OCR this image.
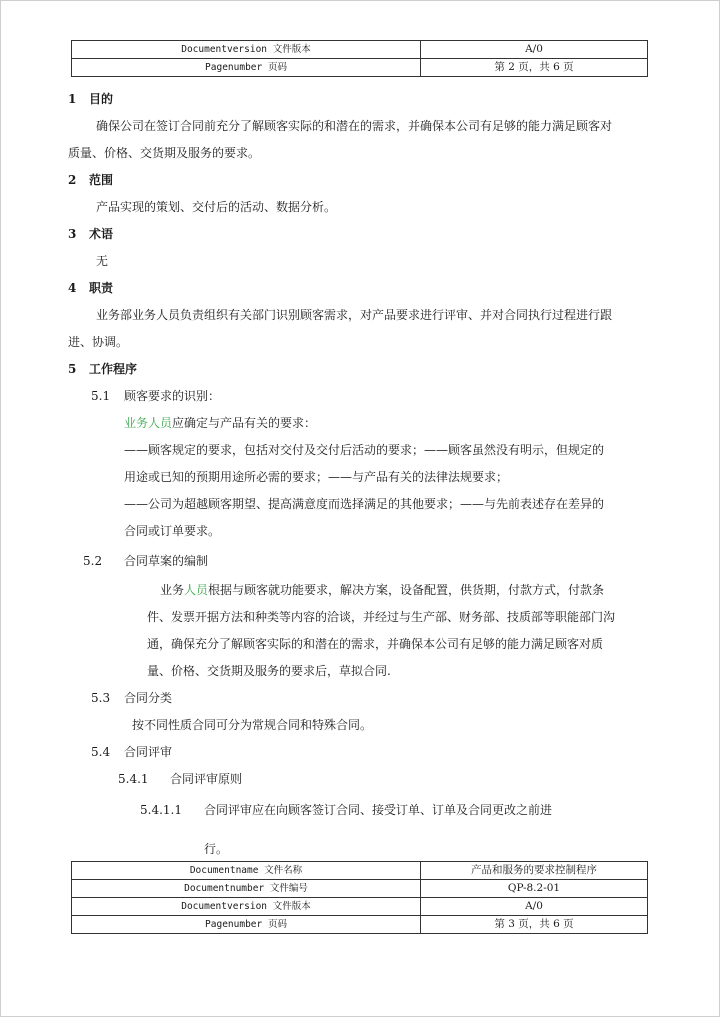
Documentversion 文件版本	A/0
Pagenumber 页码	第 2 页，共 6 页
1 目的
确保公司在签订合同前充分了解顾客实际的和潜在的需求，并确保本公司有足够的能力满足顾客对
质量、价格、交货期及服务的要求。
2 范围
产品实现的策划、交付后的活动、数据分析。
3 术语
无
4 职责
业务部业务人员负责组织有关部门识别顾客需求，对产品要求进行评审、并对合同执行过程进行跟
进、协调。
5 工作程序
5.1 顾客要求的识别：
业务人员应确定与产品有关的要求：
——顾客规定的要求，包括对交付及交付后活动的要求；——顾客虽然没有明示，但规定的
用途或已知的预期用途所必需的要求；——与产品有关的法律法规要求；
——公司为超越顾客期望、提高满意度而选择满足的其他要求；——与先前表述存在差异的
合同或订单要求。
5.2 合同草案的编制
业务人员根据与顾客就功能要求，解决方案，设备配置，供货期，付款方式，付款条
件、发票开据方法和种类等内容的洽谈，并经过与生产部、财务部、技质部等职能部门沟
通，确保充分了解顾客实际的和潜在的需求，并确保本公司有足够的能力满足顾客对质
量、价格、交货期及服务的要求后，草拟合同.
5.3 合同分类
按不同性质合同可分为常规合同和特殊合同。
5.4 合同评审
5.4.1 合同评审原则
5.4.1.1 合同评审应在向顾客签订合同、接受订单、订单及合同更改之前进
行。
Documentname 文件名称	产品和服务的要求控制程序
Documentnumber 文件编号	QP-8.2-01
Documentversion 文件版本	A/0
Pagenumber 页码	第 3 页，共 6 页
